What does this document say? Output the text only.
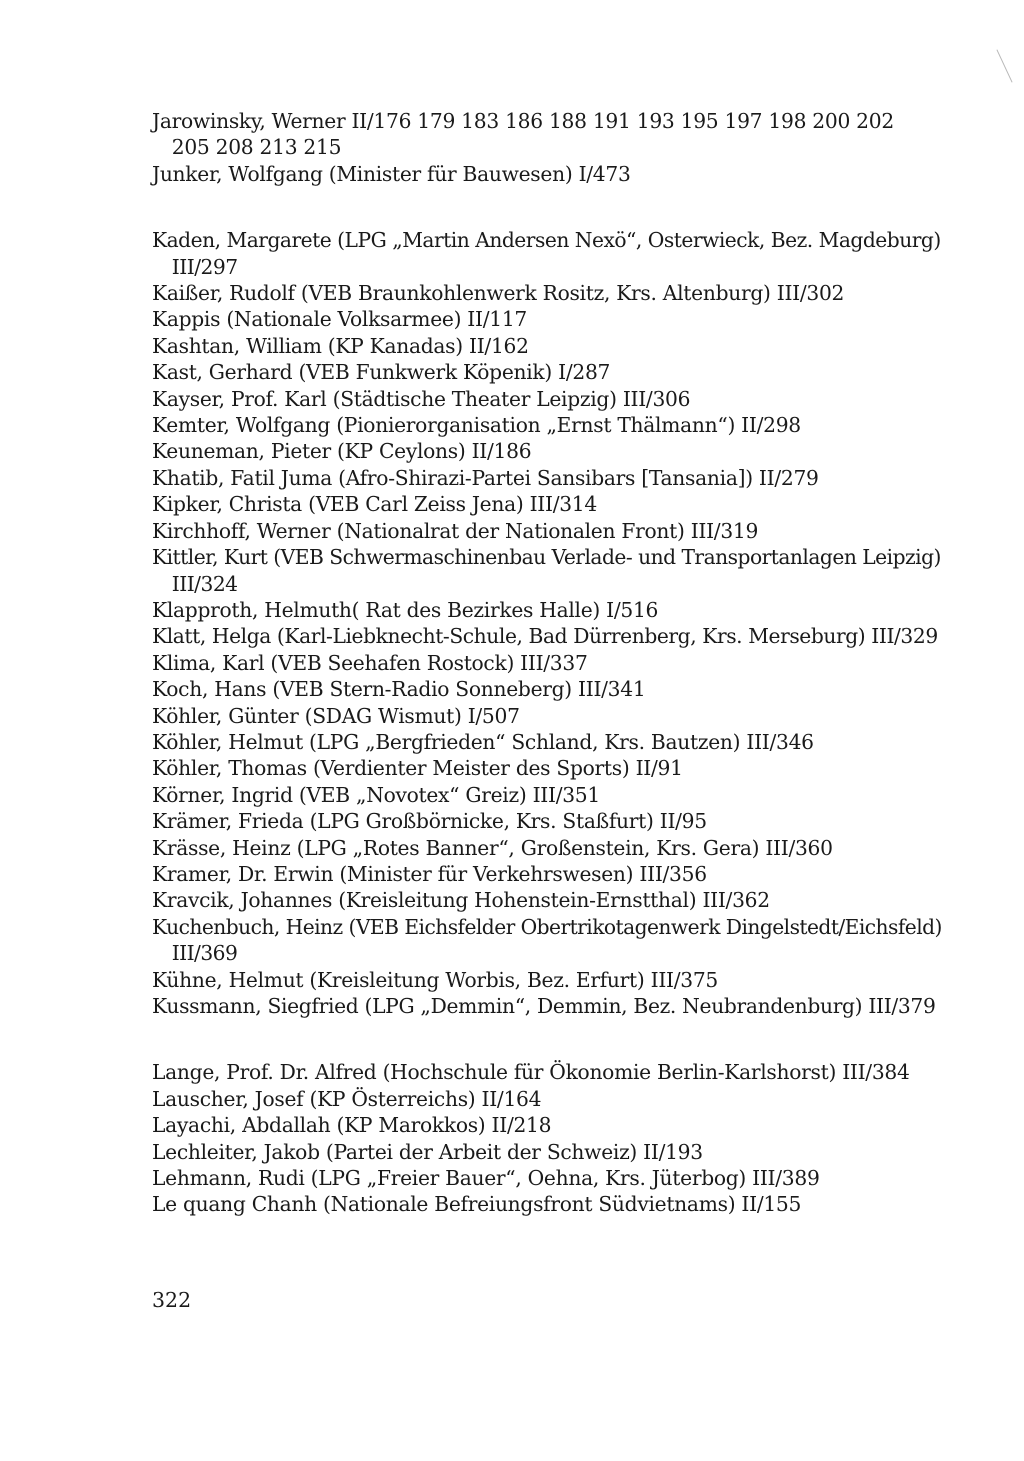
Jarowinsky, Werner II/176 179 183 186 188 191 193 195 197 198 200 202
205 208 213 215
Junker, Wolfgang (Minister für Bauwesen) I/473
Kaden, Margarete (LPG „Martin Andersen Nexö“, Osterwieck, Bez. Magdeburg)
III/297
Kaißer, Rudolf (VEB Braunkohlenwerk Rositz, Krs. Altenburg) III/302
Kappis (Nationale Volksarmee) II/117
Kashtan, William (KP Kanadas) II/162
Kast, Gerhard (VEB Funkwerk Köpenik) I/287
Kayser, Prof. Karl (Städtische Theater Leipzig) III/306
Kemter, Wolfgang (Pionierorganisation „Ernst Thälmann“) II/298
Keuneman, Pieter (KP Ceylons) II/186
Khatib, Fatil Juma (Afro-Shirazi-Partei Sansibars [Tansania]) II/279
Kipker, Christa (VEB Carl Zeiss Jena) III/314
Kirchhoff, Werner (Nationalrat der Nationalen Front) III/319
Kittler, Kurt (VEB Schwermaschinenbau Verlade- und Transportanlagen Leipzig)
III/324
Klapproth, Helmuth( Rat des Bezirkes Halle) I/516
Klatt, Helga (Karl-Liebknecht-Schule, Bad Dürrenberg, Krs. Merseburg) III/329
Klima, Karl (VEB Seehafen Rostock) III/337
Koch, Hans (VEB Stern-Radio Sonneberg) III/341
Köhler, Günter (SDAG Wismut) I/507
Köhler, Helmut (LPG „Bergfrieden“ Schland, Krs. Bautzen) III/346
Köhler, Thomas (Verdienter Meister des Sports) II/91
Körner, Ingrid (VEB „Novotex“ Greiz) III/351
Krämer, Frieda (LPG Großbörnicke, Krs. Staßfurt) II/95
Krässe, Heinz (LPG „Rotes Banner“, Großenstein, Krs. Gera) III/360
Kramer, Dr. Erwin (Minister für Verkehrswesen) III/356
Kravcik, Johannes (Kreisleitung Hohenstein-Ernstthal) III/362
Kuchenbuch, Heinz (VEB Eichsfelder Obertrikotagenwerk Dingelstedt/Eichsfeld)
III/369
Kühne, Helmut (Kreisleitung Worbis, Bez. Erfurt) III/375
Kussmann, Siegfried (LPG „Demmin“, Demmin, Bez. Neubrandenburg) III/379
Lange, Prof. Dr. Alfred (Hochschule für Ökonomie Berlin-Karlshorst) III/384
Lauscher, Josef (KP Österreichs) II/164
Layachi, Abdallah (KP Marokkos) II/218
Lechleiter, Jakob (Partei der Arbeit der Schweiz) II/193
Lehmann, Rudi (LPG „Freier Bauer“, Oehna, Krs. Jüterbog) III/389
Le quang Chanh (Nationale Befreiungsfront Südvietnams) II/155
322
